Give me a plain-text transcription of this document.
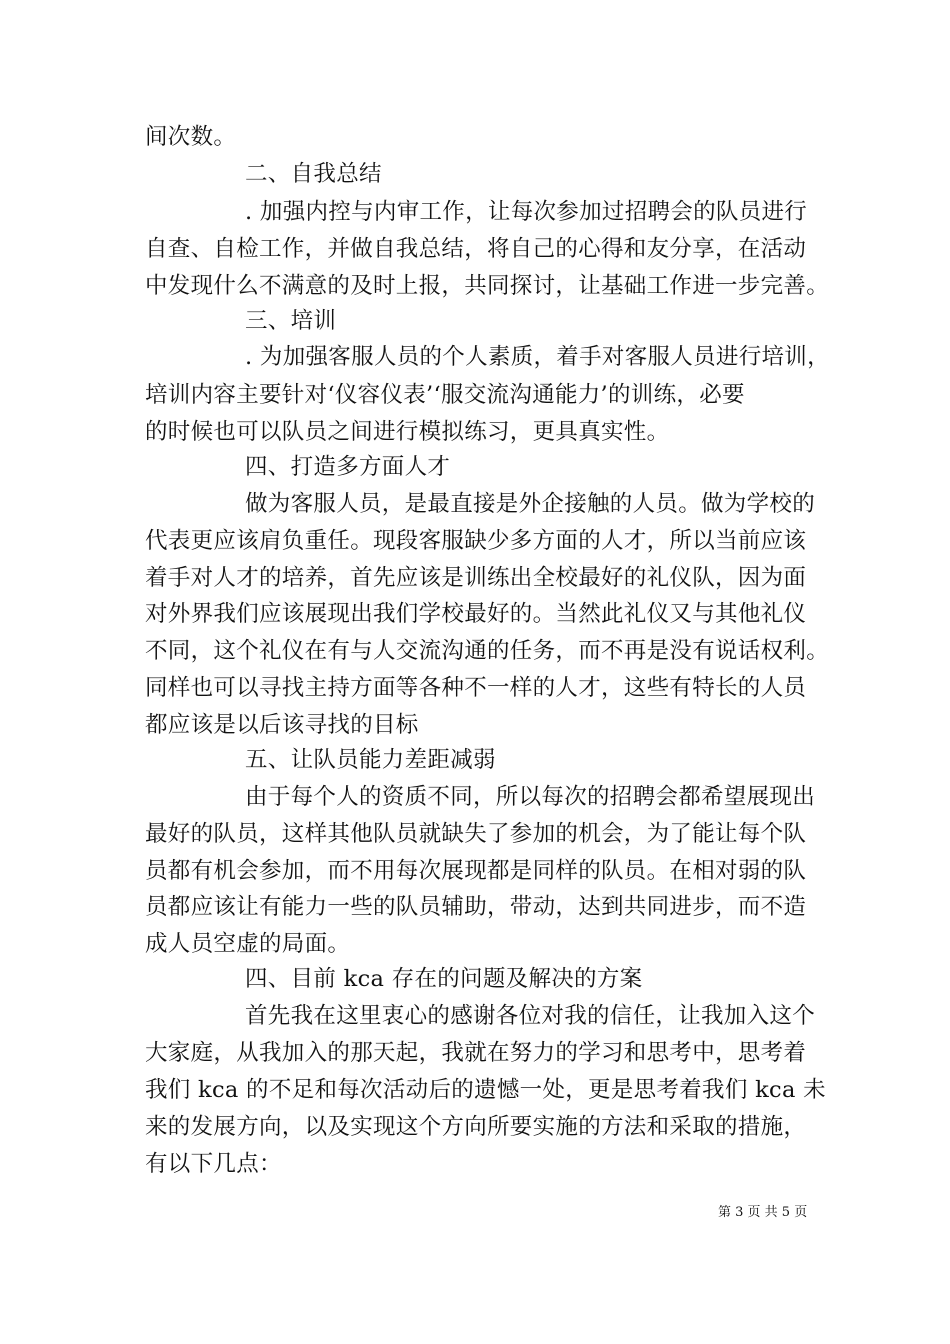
间次数。
二、自我总结
. 加强内控与内审工作，让每次参加过招聘会的队员进行
自查、自检工作，并做自我总结，将自己的心得和友分享，在活动
中发现什么不满意的及时上报，共同探讨，让基础工作进一步完善。
三、培训
. 为加强客服人员的个人素质，着手对客服人员进行培训，
培训内容主要针对‘仪容仪表’‘服交流沟通能力’的训练，必要
的时候也可以队员之间进行模拟练习，更具真实性。
四、打造多方面人才
做为客服人员，是最直接是外企接触的人员。做为学校的
代表更应该肩负重任。现段客服缺少多方面的人才，所以当前应该
着手对人才的培养，首先应该是训练出全校最好的礼仪队，因为面
对外界我们应该展现出我们学校最好的。当然此礼仪又与其他礼仪
不同，这个礼仪在有与人交流沟通的任务，而不再是没有说话权利。
同样也可以寻找主持方面等各种不一样的人才，这些有特长的人员
都应该是以后该寻找的目标
五、让队员能力差距减弱
由于每个人的资质不同，所以每次的招聘会都希望展现出
最好的队员，这样其他队员就缺失了参加的机会，为了能让每个队
员都有机会参加，而不用每次展现都是同样的队员。在相对弱的队
员都应该让有能力一些的队员辅助，带动，达到共同进步，而不造
成人员空虚的局面。
四、目前 kca 存在的问题及解决的方案
首先我在这里衷心的感谢各位对我的信任，让我加入这个
大家庭，从我加入的那天起，我就在努力的学习和思考中，思考着
我们 kca 的不足和每次活动后的遗憾一处，更是思考着我们 kca 未
来的发展方向，以及实现这个方向所要实施的方法和采取的措施，
有以下几点：
第 3 页 共 5 页
